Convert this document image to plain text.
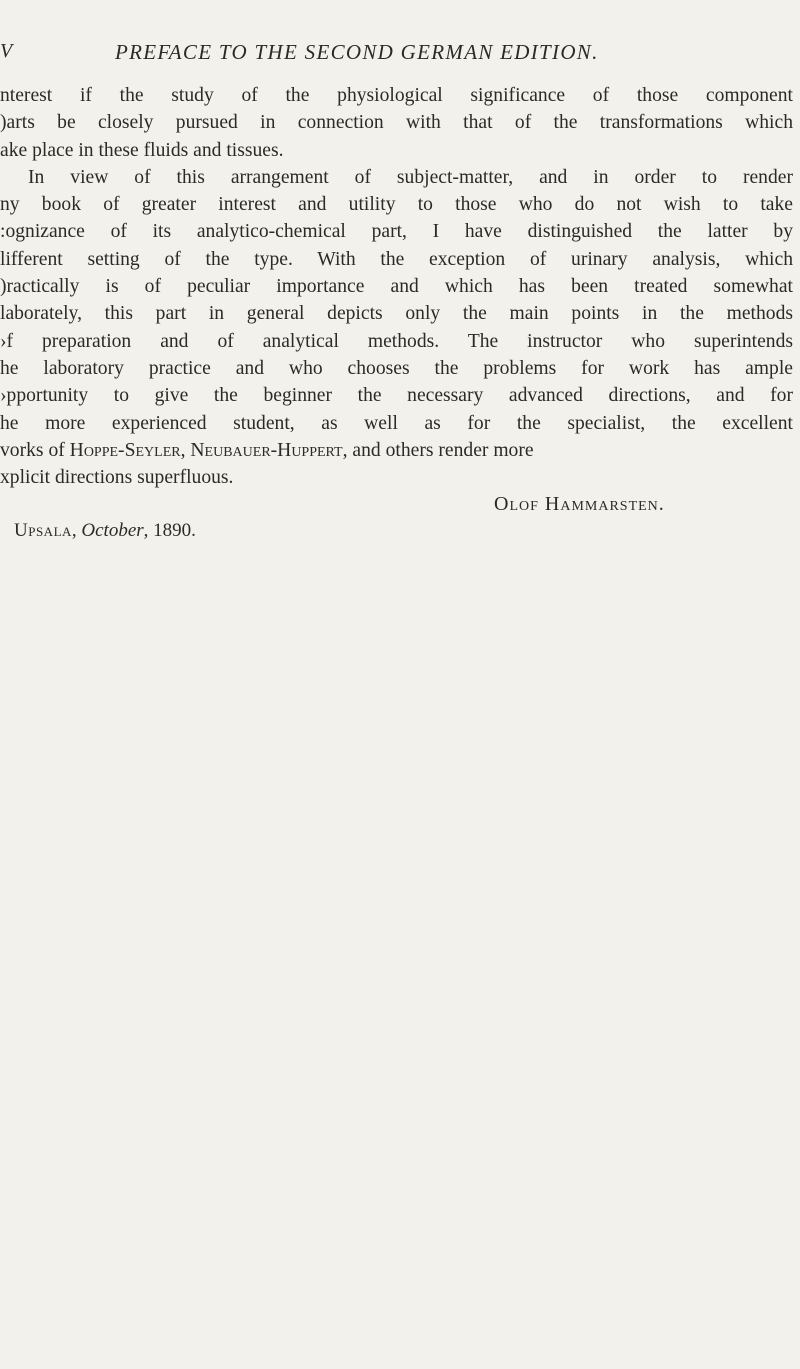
V	PREFACE TO THE SECOND GERMAN EDITION.
nterest if the study of the physiological significance of those component
)arts be closely pursued in connection with that of the transformations which
ake place in these fluids and tissues.
In view of this arrangement of subject-matter, and in order to render
ny book of greater interest and utility to those who do not wish to take
:ognizance of its analytico-chemical part, I have distinguished the latter by
lifferent setting of the type. With the exception of urinary analysis, which
)ractically is of peculiar importance and which has been treated somewhat
laborately, this part in general depicts only the main points in the methods
›f preparation and of analytical methods. The instructor who superintends
he laboratory practice and who chooses the problems for work has ample
›pportunity to give the beginner the necessary advanced directions, and for
he more experienced student, as well as for the specialist, the excellent
vorks of Hoppe-Seyler, Neubauer-Huppert, and others render more
xplicit directions superfluous.
Olof Hammarsten.
Upsala, October, 1890.
